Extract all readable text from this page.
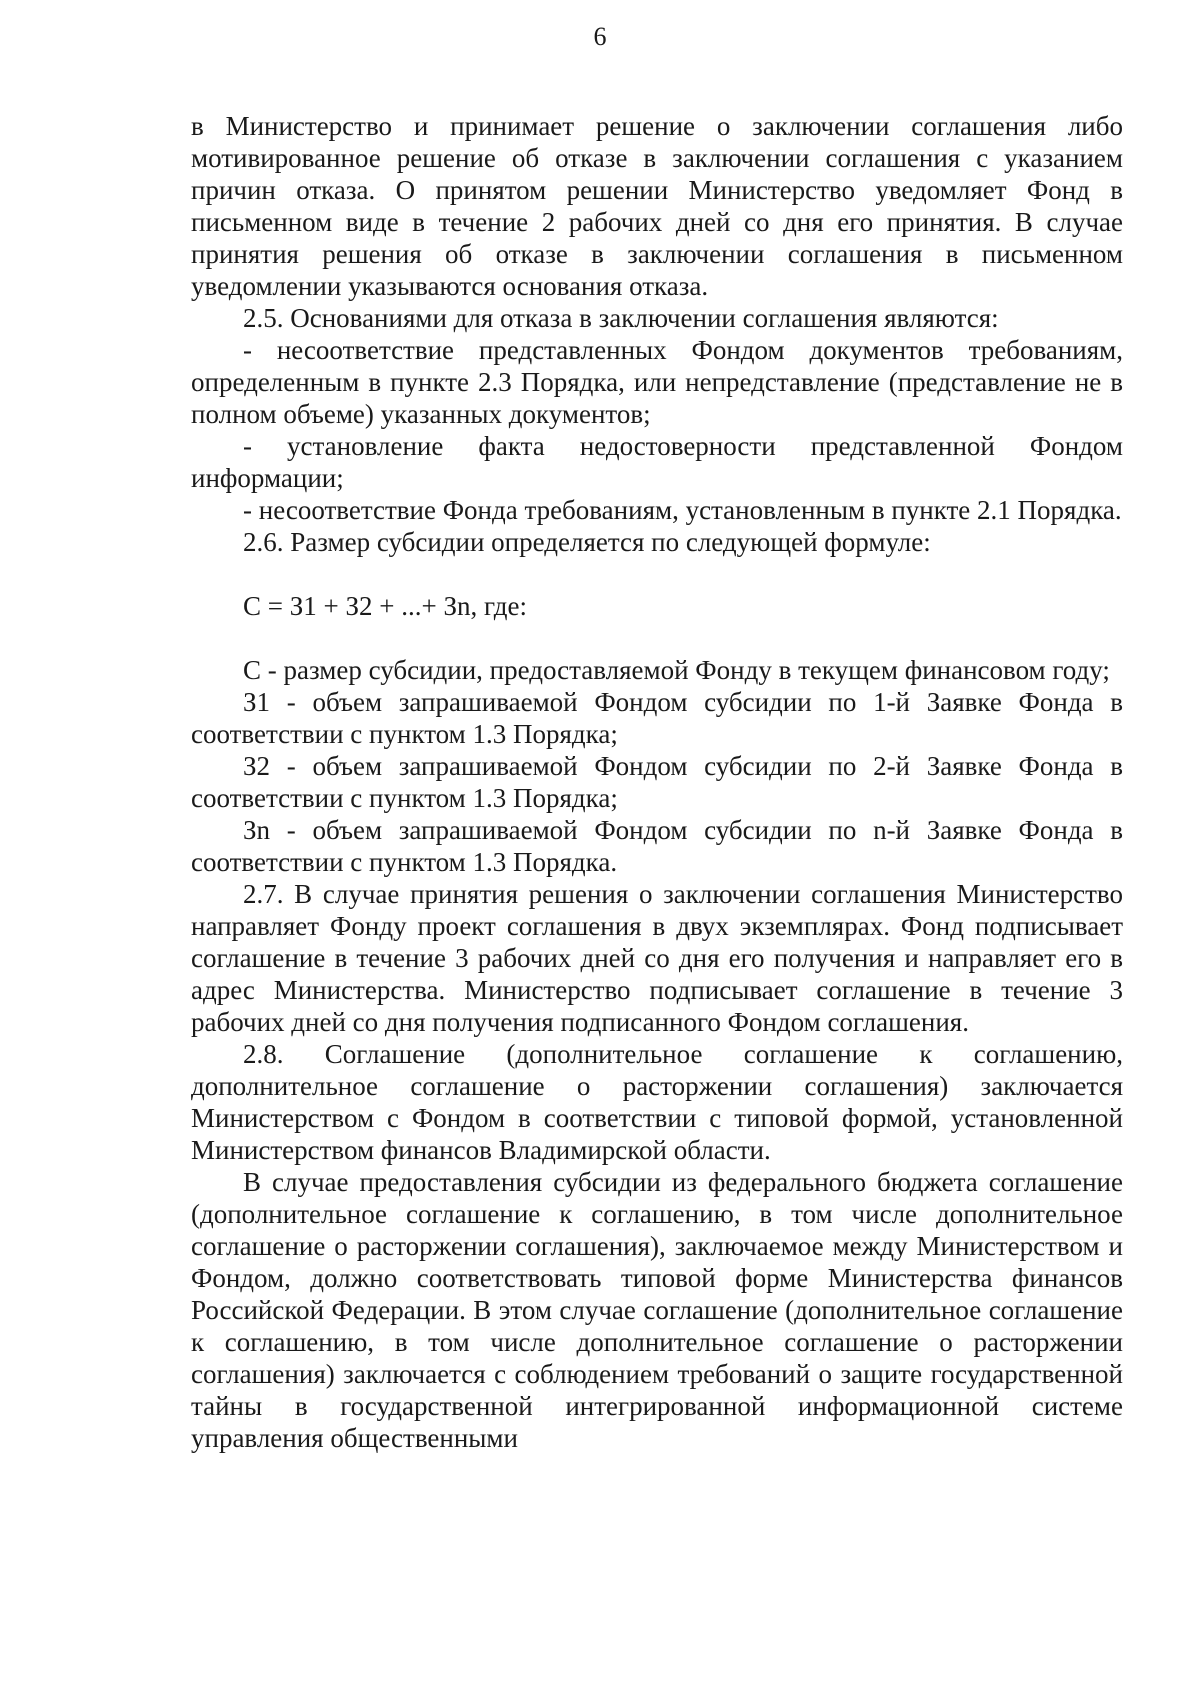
6

в Министерство и принимает решение о заключении соглашения либо мотивированное решение об отказе в заключении соглашения с указанием причин отказа. О принятом решении Министерство уведомляет Фонд в письменном виде в течение 2 рабочих дней со дня его принятия. В случае принятия решения об отказе в заключении соглашения в письменном уведомлении указываются основания отказа.

2.5. Основаниями для отказа в заключении соглашения являются:

- несоответствие представленных Фондом документов требованиям, определенным в пункте 2.3 Порядка, или непредставление (представление не в полном объеме) указанных документов;

- установление факта недостоверности представленной Фондом информации;

- несоответствие Фонда требованиям, установленным в пункте 2.1 Порядка.

2.6. Размер субсидии определяется по следующей формуле:

С = З1 + З2 + ...+ Зn, где:

С - размер субсидии, предоставляемой Фонду в текущем финансовом году;

З1 - объем запрашиваемой Фондом субсидии по 1-й Заявке Фонда в соответствии с пунктом 1.3 Порядка;

З2 - объем запрашиваемой Фондом субсидии по 2-й Заявке Фонда в соответствии с пунктом 1.3 Порядка;

Зn - объем запрашиваемой Фондом субсидии по n-й Заявке Фонда в соответствии с пунктом 1.3 Порядка.

2.7. В случае принятия решения о заключении соглашения Министерство направляет Фонду проект соглашения в двух экземплярах. Фонд подписывает соглашение в течение 3 рабочих дней со дня его получения и направляет его в адрес Министерства. Министерство подписывает соглашение в течение 3 рабочих дней со дня получения подписанного Фондом соглашения.

2.8. Соглашение (дополнительное соглашение к соглашению, дополнительное соглашение о расторжении соглашения) заключается Министерством с Фондом в соответствии с типовой формой, установленной Министерством финансов Владимирской области.

В случае предоставления субсидии из федерального бюджета соглашение (дополнительное соглашение к соглашению, в том числе дополнительное соглашение о расторжении соглашения), заключаемое между Министерством и Фондом, должно соответствовать типовой форме Министерства финансов Российской Федерации. В этом случае соглашение (дополнительное соглашение к соглашению, в том числе дополнительное соглашение о расторжении соглашения) заключается с соблюдением требований о защите государственной тайны в государственной интегрированной информационной системе управления общественными
